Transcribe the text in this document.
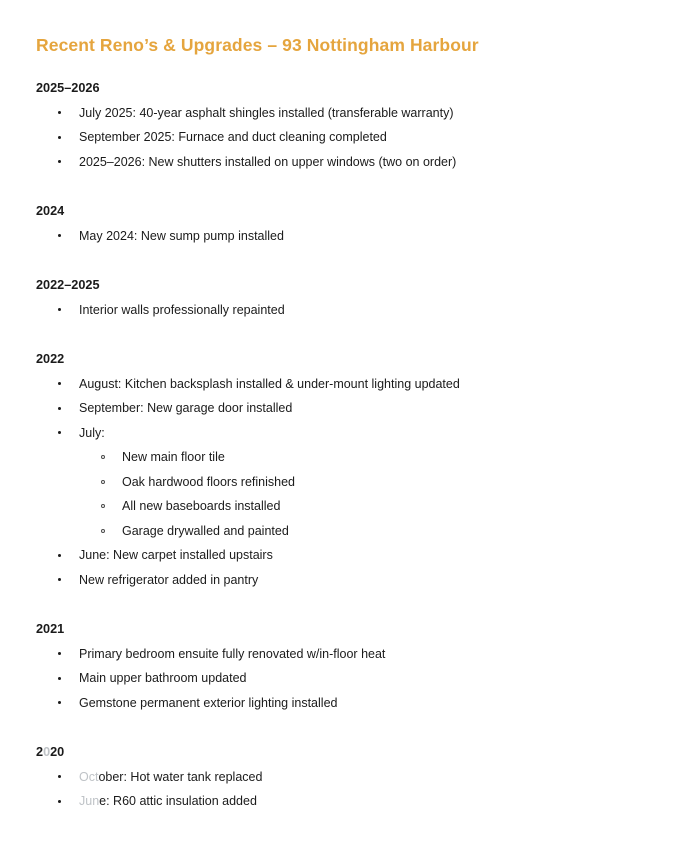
Recent Reno’s & Upgrades – 93 Nottingham Harbour
2025–2026
July 2025: 40-year asphalt shingles installed (transferable warranty)
September 2025: Furnace and duct cleaning completed
2025–2026: New shutters installed on upper windows (two on order)
2024
May 2024: New sump pump installed
2022–2025
Interior walls professionally repainted
2022
August: Kitchen backsplash installed & under-mount lighting updated
September: New garage door installed
July:
New main floor tile
Oak hardwood floors refinished
All new baseboards installed
Garage drywalled and painted
June: New carpet installed upstairs
New refrigerator added in pantry
2021
Primary bedroom ensuite fully renovated w/in-floor heat
Main upper bathroom updated
Gemstone permanent exterior lighting installed
2 0 20
October: Hot water tank replaced
June: R60 attic insulation added
